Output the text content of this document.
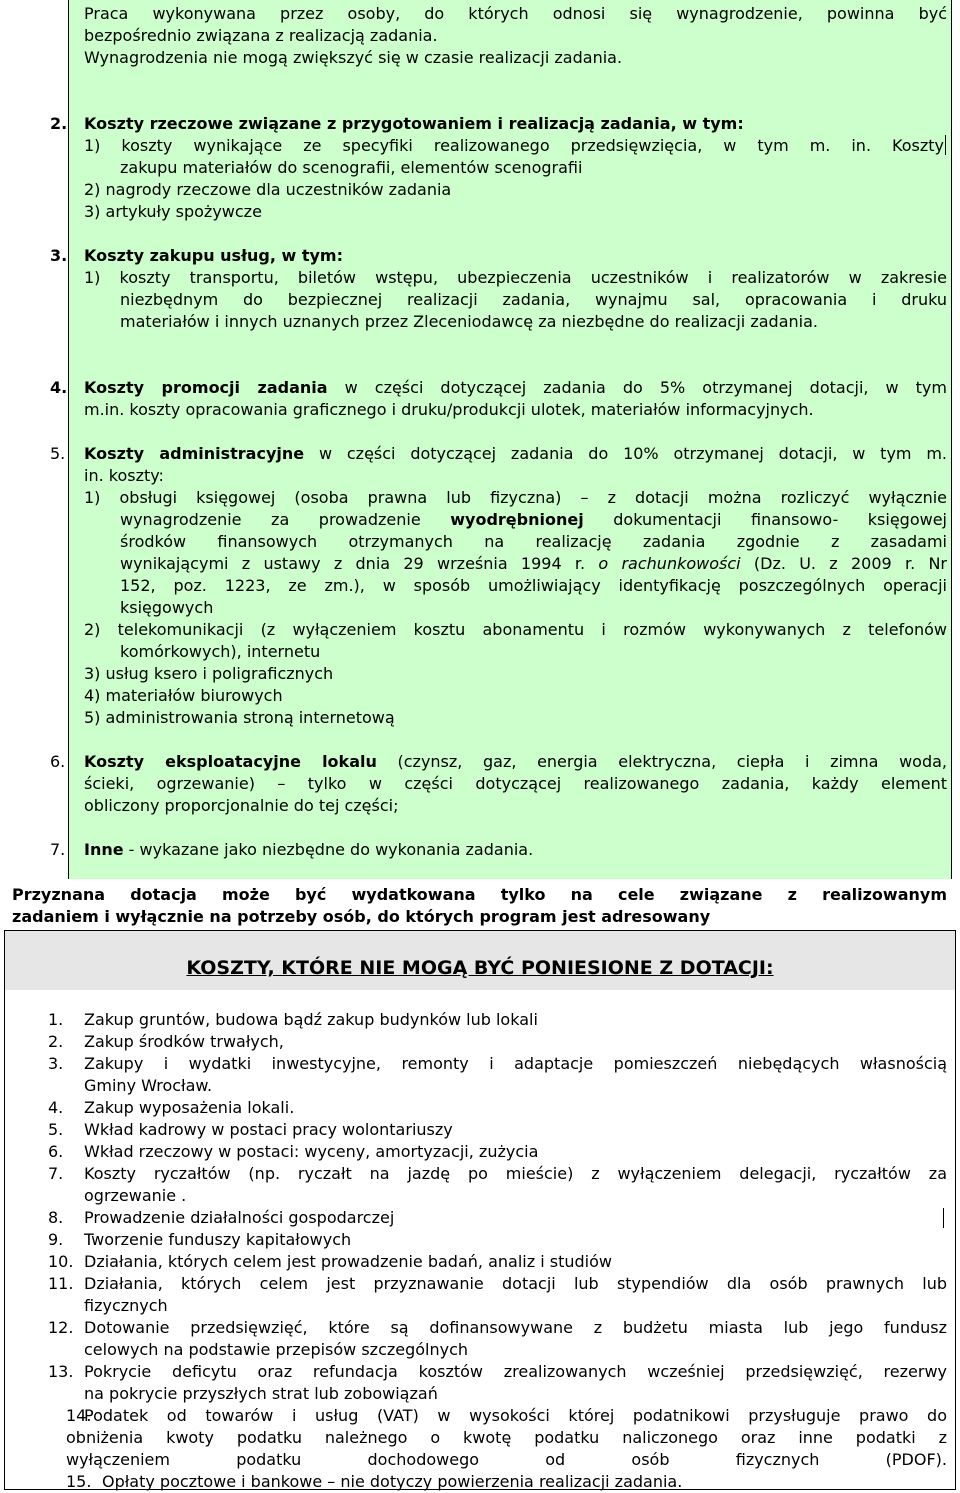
Praca wykonywana przez osoby, do których odnosi się wynagrodzenie, powinna być
bezpośrednio związana z realizacją zadania.
Wynagrodzenia nie mogą zwiększyć się w czasie realizacji zadania.
2. Koszty rzeczowe związane z przygotowaniem i realizacją zadania, w tym:
1) koszty wynikające ze specyfiki realizowanego przedsięwzięcia, w tym m. in. Koszty
zakupu materiałów do scenografii, elementów scenografii
2) nagrody rzeczowe dla uczestników zadania
3) artykuły spożywcze
3. Koszty zakupu usług, w tym:
1) koszty transportu, biletów wstępu, ubezpieczenia uczestników i realizatorów w zakresie
niezbędnym do bezpiecznej realizacji zadania, wynajmu sal, opracowania i druku
materiałów i innych uznanych przez Zleceniodawcę za niezbędne do realizacji zadania.
4. Koszty promocji zadania w części dotyczącej zadania do 5% otrzymanej dotacji, w tym
m.in. koszty opracowania graficznego i druku/produkcji ulotek, materiałów informacyjnych.
5. Koszty administracyjne w części dotyczącej zadania do 10% otrzymanej dotacji, w tym m.
in. koszty:
1) obsługi księgowej (osoba prawna lub fizyczna) – z dotacji można rozliczyć wyłącznie
wynagrodzenie za prowadzenie wyodrębnionej dokumentacji finansowo- księgowej
środków finansowych otrzymanych na realizację zadania zgodnie z zasadami
wynikającymi z ustawy z dnia 29 września 1994 r. o rachunkowości (Dz. U. z 2009 r. Nr
152, poz. 1223, ze zm.), w sposób umożliwiający identyfikację poszczególnych operacji
księgowych
2) telekomunikacji (z wyłączeniem kosztu abonamentu i rozmów wykonywanych z telefonów
komórkowych), internetu
3) usług ksero i poligraficznych
4) materiałów biurowych
5) administrowania stroną internetową
6. Koszty eksploatacyjne lokalu (czynsz, gaz, energia elektryczna, ciepła i zimna woda,
ścieki, ogrzewanie) – tylko w części dotyczącej realizowanego zadania, każdy element
obliczony proporcjonalnie do tej części;
7. Inne - wykazane jako niezbędne do wykonania zadania.
Przyznana dotacja może być wydatkowana tylko na cele związane z realizowanym
zadaniem i wyłącznie na potrzeby osób, do których program jest adresowany
KOSZTY, KTÓRE NIE MOGĄ BYĆ PONIESIONE Z DOTACJI:
1. Zakup gruntów, budowa bądź zakup budynków lub lokali
2. Zakup środków trwałych,
3. Zakupy i wydatki inwestycyjne, remonty i adaptacje pomieszczeń niebędących własnością
Gminy Wrocław.
4. Zakup wyposażenia lokali.
5. Wkład kadrowy w postaci pracy wolontariuszy
6. Wkład rzeczowy w postaci: wyceny, amortyzacji, zużycia
7. Koszty ryczałtów (np. ryczałt na jazdę po mieście) z wyłączeniem delegacji, ryczałtów za
ogrzewanie .
8. Prowadzenie działalności gospodarczej
9. Tworzenie funduszy kapitałowych
10. Działania, których celem jest prowadzenie badań, analiz i studiów
11. Działania, których celem jest przyznawanie dotacji lub stypendiów dla osób prawnych lub
fizycznych
12. Dotowanie przedsięwzięć, które są dofinansowywane z budżetu miasta lub jego fundusz
celowych na podstawie przepisów szczególnych
13. Pokrycie deficytu oraz refundacja kosztów zrealizowanych wcześniej przedsięwzięć, rezerwy
na pokrycie przyszłych strat lub zobowiązań
14.
Podatek od towarów i usług (VAT) w wysokości której podatnikowi przysługuje prawo do
obniżenia kwoty podatku należnego o kwotę podatku naliczonego oraz inne podatki z
wyłączeniem podatku dochodowego od osób fizycznych (PDOF).
15. Opłaty pocztowe i bankowe – nie dotyczy powierzenia realizacji zadania.
